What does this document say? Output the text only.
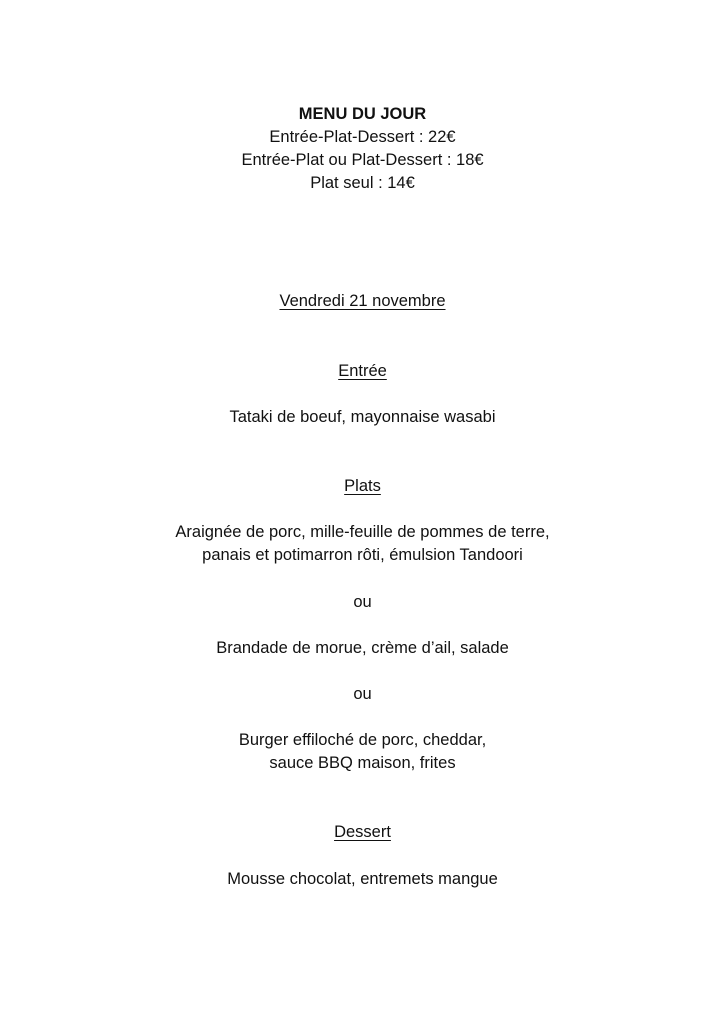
MENU DU JOUR
Entrée-Plat-Dessert : 22€
Entrée-Plat ou Plat-Dessert : 18€
Plat seul : 14€
Vendredi 21 novembre
Entrée
Tataki de boeuf, mayonnaise wasabi
Plats
Araignée de porc, mille-feuille de pommes de terre,
panais et potimarron rôti, émulsion Tandoori
ou
Brandade de morue, crème d’ail, salade
ou
Burger effiloché de porc, cheddar,
sauce BBQ maison, frites
Dessert
Mousse chocolat, entremets mangue
